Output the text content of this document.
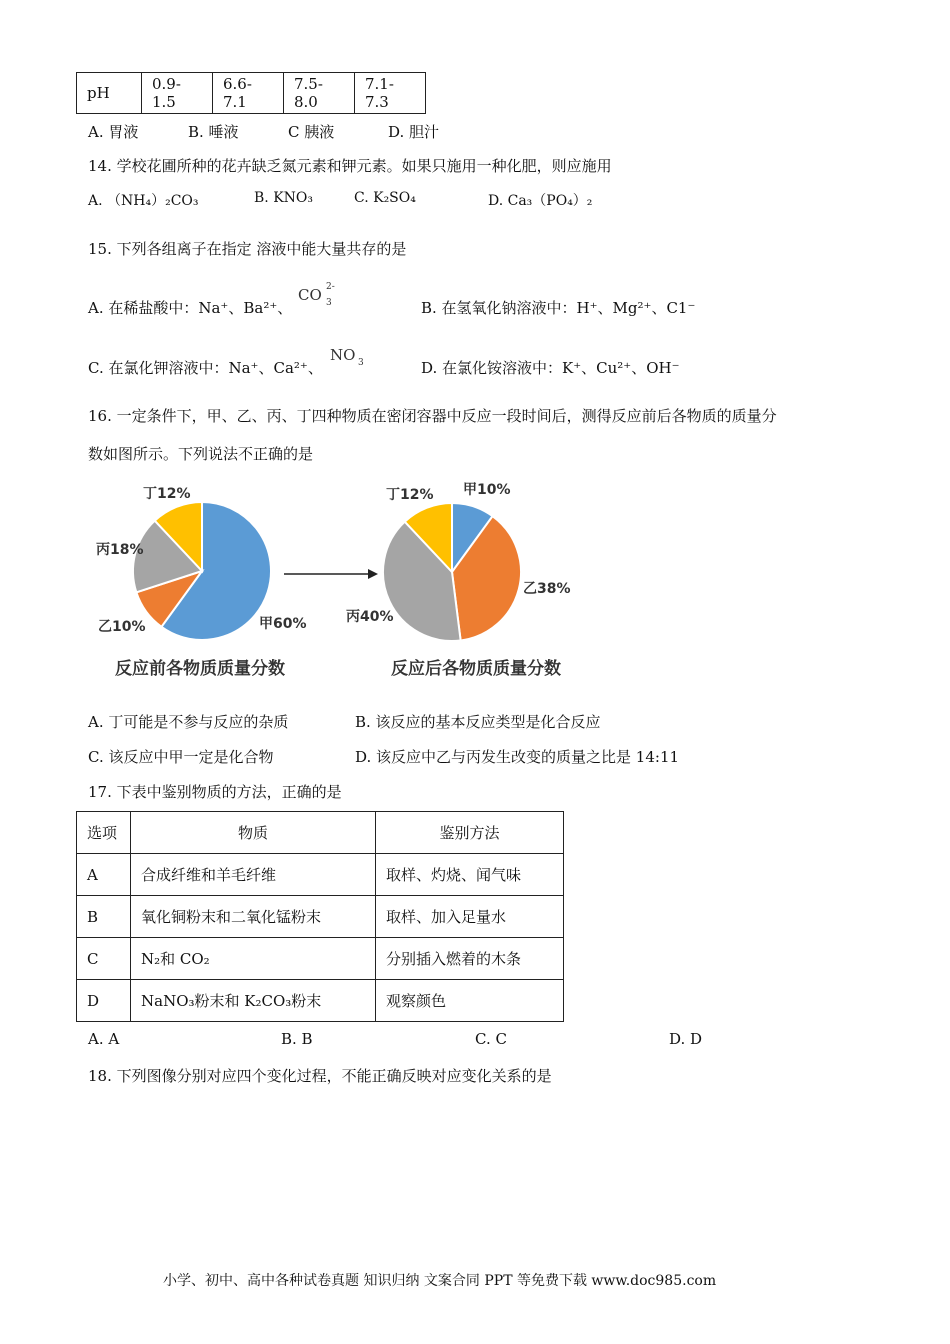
pH	0.9-1.5	6.6-7.1	7.5-8.0	7.1-7.3
A. 胃液	B. 唾液	C 胰液	D. 胆汁
14. 学校花圃所种的花卉缺乏氮元素和钾元素。如果只施用一种化肥，则应施用
A. （NH₄）₂CO₃	B. KNO₃	C. K₂SO₄	D. Ca₃（PO₄）₂
15. 下列各组离子在指定 溶液中能大量共存的是
A. 在稀盐酸中：Na⁺、Ba²⁺、
CO 2-
3	B. 在氢氧化钠溶液中：H⁺、Mg²⁺、C1⁻
C. 在氯化钾溶液中：Na⁺、Ca²⁺、
NO 3	D. 在氯化铵溶液中：K⁺、Cu²⁺、OH⁻
16. 一定条件下，甲、乙、丙、丁四种物质在密闭容器中反应一段时间后，测得反应前后各物质的质量分
数如图所示。下列说法不正确的是
丁12%
丙18%
乙10%	甲60%
反应前各物质质量分数
丁12% 甲10%
乙38%
丙40%
反应后各物质质量分数
A. 丁可能是不参与反应的杂质	B. 该反应的基本反应类型是化合反应
C. 该反应中甲一定是化合物	D. 该反应中乙与丙发生改变的质量之比是 14:11
17. 下表中鉴别物质的方法，正确的是
选项	物质	鉴别方法
A	合成纤维和羊毛纤维	取样、灼烧、闻气味
B	氧化铜粉末和二氧化锰粉末	取样、加入足量水
C	N₂和 CO₂	分别插入燃着的木条
D	NaNO₃粉末和 K₂CO₃粉末	观察颜色
A. A	B. B	C. C	D. D
18. 下列图像分别对应四个变化过程，不能正确反映对应变化关系的是
小学、初中、高中各种试卷真题 知识归纳 文案合同 PPT 等免费下载 www.doc985.com
